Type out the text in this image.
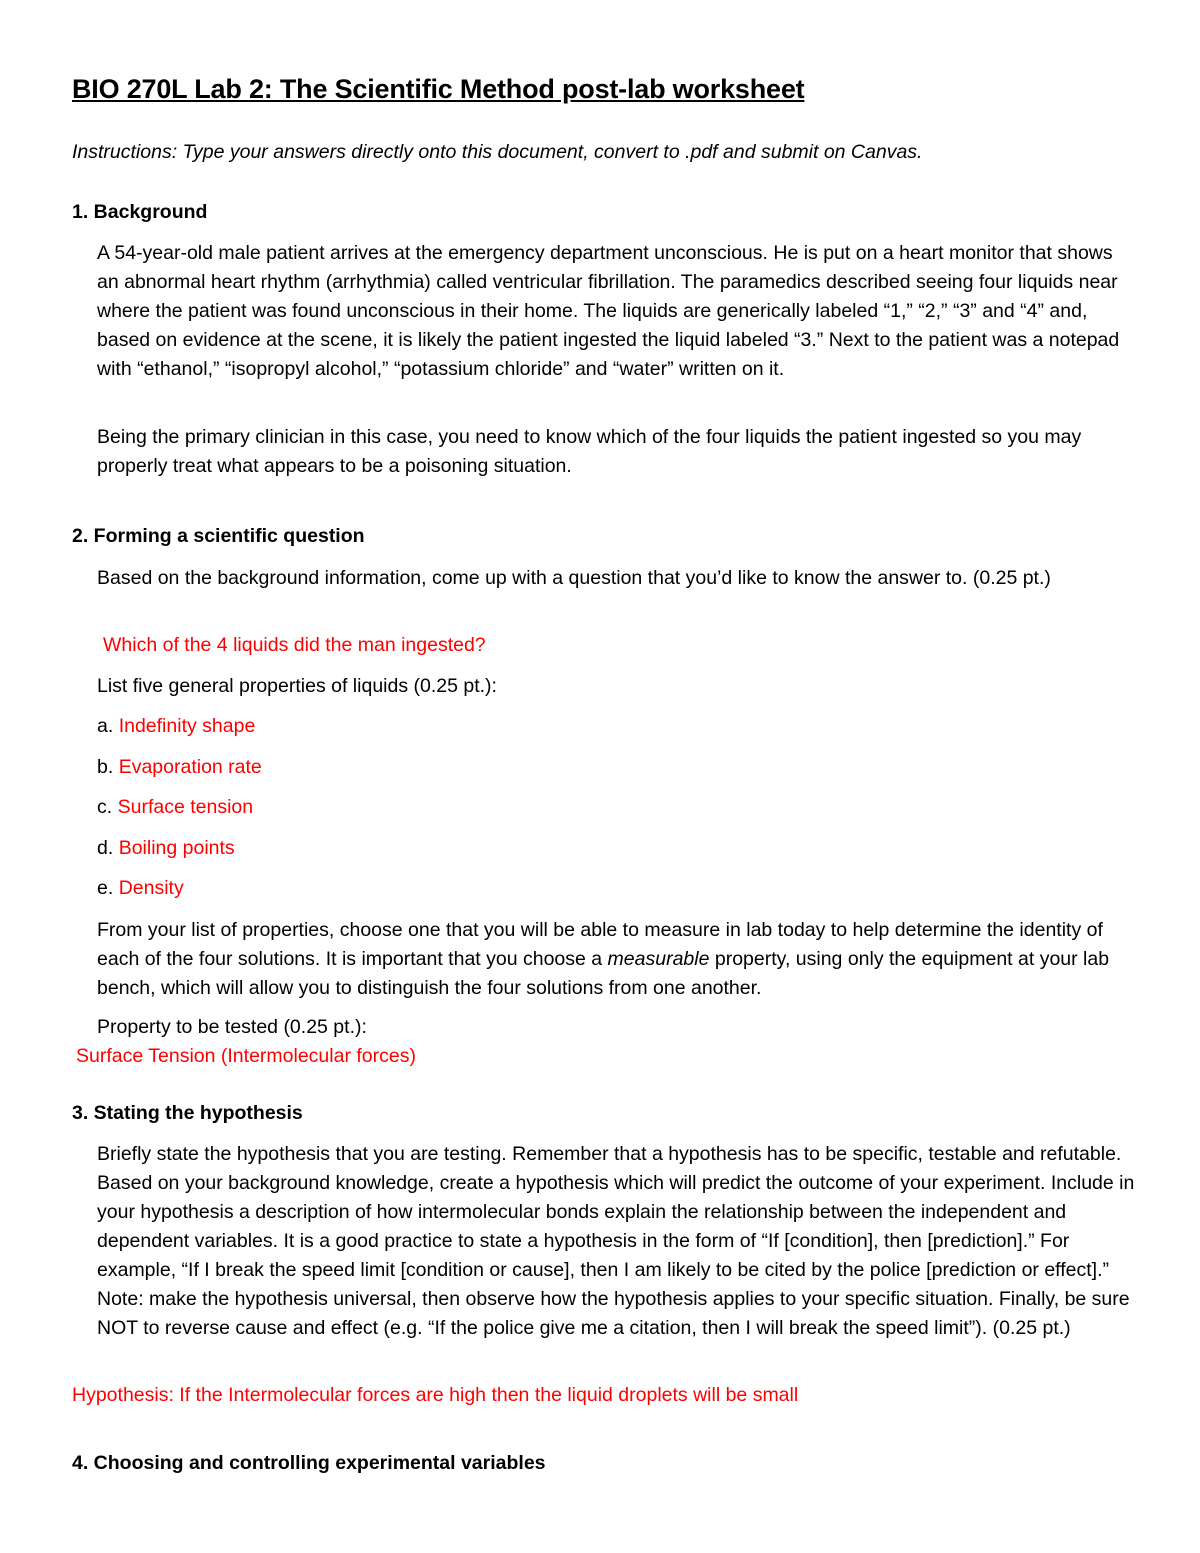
BIO 270L Lab 2: The Scientific Method post-lab worksheet
Instructions: Type your answers directly onto this document, convert to .pdf and submit on Canvas.
1. Background
A 54-year-old male patient arrives at the emergency department unconscious. He is put on a heart monitor that shows an abnormal heart rhythm (arrhythmia) called ventricular fibrillation. The paramedics described seeing four liquids near where the patient was found unconscious in their home. The liquids are generically labeled “1,” “2,” “3” and “4” and, based on evidence at the scene, it is likely the patient ingested the liquid labeled “3.” Next to the patient was a notepad with “ethanol,” “isopropyl alcohol,” “potassium chloride” and “water” written on it.
Being the primary clinician in this case, you need to know which of the four liquids the patient ingested so you may properly treat what appears to be a poisoning situation.
2. Forming a scientific question
Based on the background information, come up with a question that you’d like to know the answer to. (0.25 pt.)
Which of the 4 liquids did the man ingested?
List five general properties of liquids (0.25 pt.):
a. Indefinity shape
b. Evaporation rate
c. Surface tension
d. Boiling points
e. Density
From your list of properties, choose one that you will be able to measure in lab today to help determine the identity of each of the four solutions. It is important that you choose a measurable property, using only the equipment at your lab bench, which will allow you to distinguish the four solutions from one another.
Property to be tested (0.25 pt.):
Surface Tension (Intermolecular forces)
3. Stating the hypothesis
Briefly state the hypothesis that you are testing. Remember that a hypothesis has to be specific, testable and refutable. Based on your background knowledge, create a hypothesis which will predict the outcome of your experiment. Include in your hypothesis a description of how intermolecular bonds explain the relationship between the independent and dependent variables. It is a good practice to state a hypothesis in the form of “If [condition], then [prediction].” For example, “If I break the speed limit [condition or cause], then I am likely to be cited by the police [prediction or effect].” Note: make the hypothesis universal, then observe how the hypothesis applies to your specific situation. Finally, be sure NOT to reverse cause and effect (e.g. “If the police give me a citation, then I will break the speed limit”). (0.25 pt.)
Hypothesis: If the Intermolecular forces are high then the liquid droplets will be small
4. Choosing and controlling experimental variables
